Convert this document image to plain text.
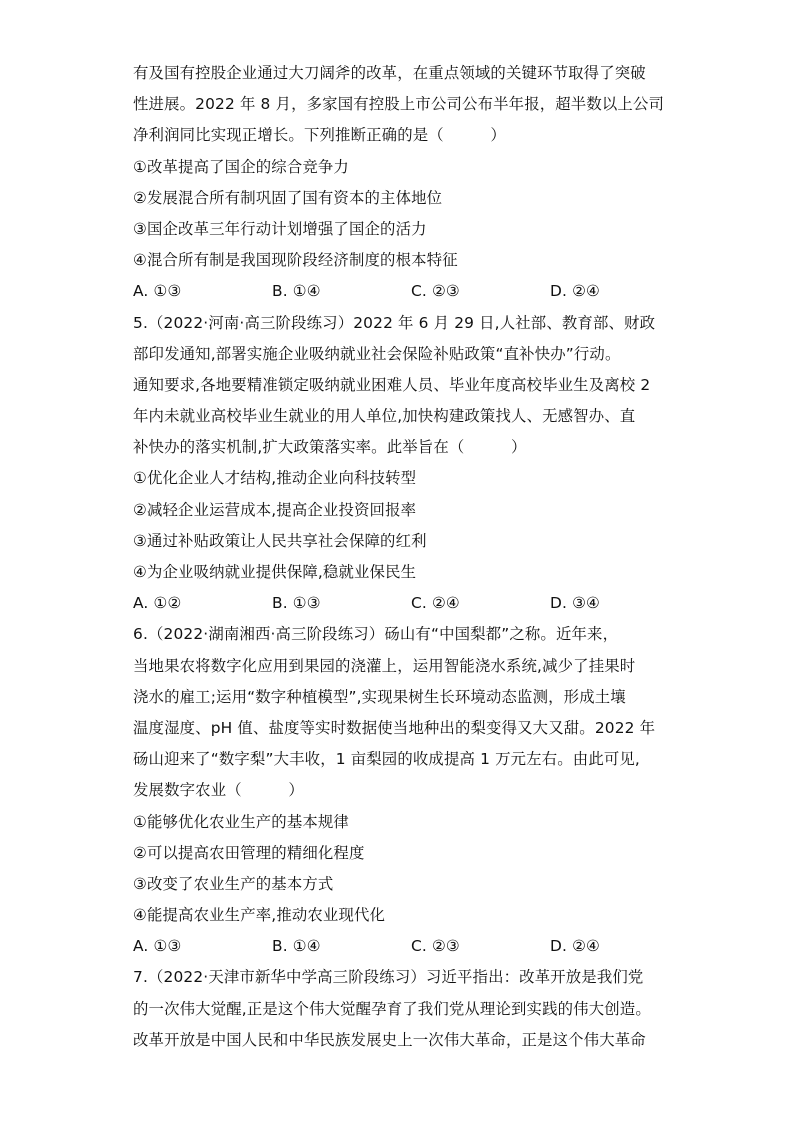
有及国有控股企业通过大刀阔斧的改革，在重点领域的关键环节取得了突破
性进展。2022 年 8 月，多家国有控股上市公司公布半年报，超半数以上公司
净利润同比实现正增长。下列推断正确的是（　　　）
①改革提高了国企的综合竞争力
②发展混合所有制巩固了国有资本的主体地位
③国企改革三年行动计划增强了国企的活力
④混合所有制是我国现阶段经济制度的根本特征
A. ①③	B. ①④	C. ②③	D. ②④
5.（2022·河南·高三阶段练习）2022 年 6 月 29 日,人社部、教育部、财政
部印发通知,部署实施企业吸纳就业社会保险补贴政策“直补快办”行动。
通知要求,各地要精准锁定吸纳就业困难人员、毕业年度高校毕业生及离校 2
年内未就业高校毕业生就业的用人单位,加快构建政策找人、无感智办、直
补快办的落实机制,扩大政策落实率。此举旨在（　　　）
①优化企业人才结构,推动企业向科技转型
②减轻企业运营成本,提高企业投资回报率
③通过补贴政策让人民共享社会保障的红利
④为企业吸纳就业提供保障,稳就业保民生
A. ①②	B. ①③	C. ②④	D. ③④
6.（2022·湖南湘西·高三阶段练习）砀山有“中国梨都”之称。近年来，
当地果农将数字化应用到果园的浇灌上，运用智能浇水系统,减少了挂果时
浇水的雇工;运用“数字种植模型”,实现果树生长环境动态监测，形成土壤
温度湿度、pH 值、盐度等实时数据使当地种出的梨变得又大又甜。2022 年
砀山迎来了“数字梨”大丰收，1 亩梨园的收成提高 1 万元左右。由此可见,
发展数字农业（　　　）
①能够优化农业生产的基本规律
②可以提高农田管理的精细化程度
③改变了农业生产的基本方式
④能提高农业生产率,推动农业现代化
A. ①③	B. ①④	C. ②③	D. ②④
7.（2022·天津市新华中学高三阶段练习）习近平指出：改革开放是我们党
的一次伟大觉醒,正是这个伟大觉醒孕育了我们党从理论到实践的伟大创造。
改革开放是中国人民和中华民族发展史上一次伟大革命，正是这个伟大革命
